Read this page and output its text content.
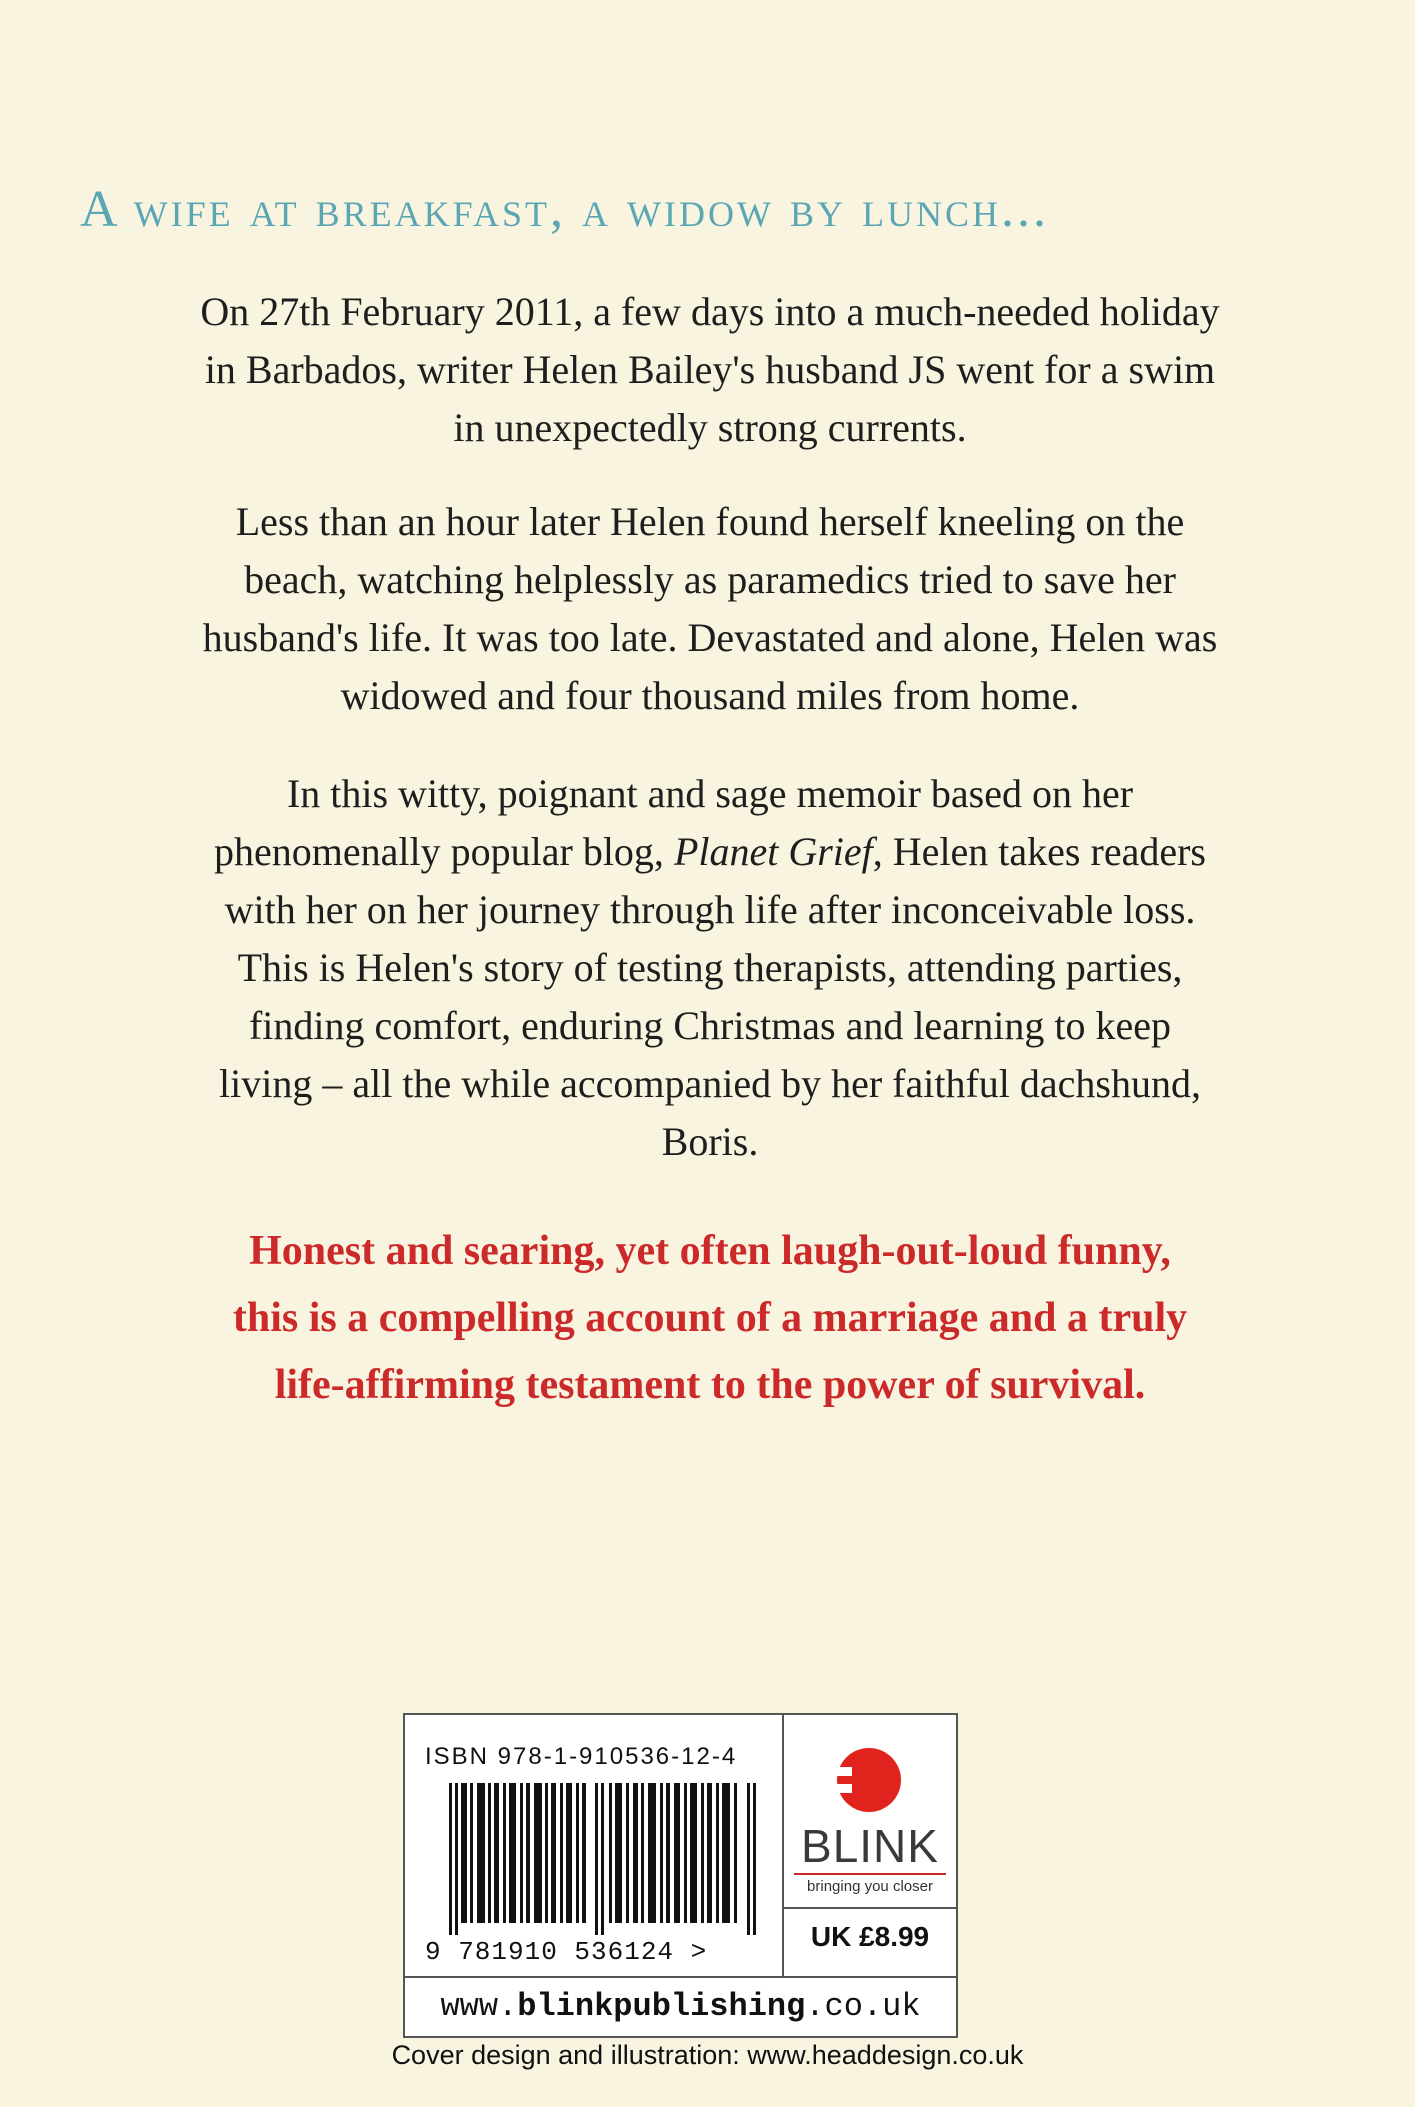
A wife at breakfast, a widow by lunch...

On 27th February 2011, a few days into a much-needed holiday
in Barbados, writer Helen Bailey's husband JS went for a swim
in unexpectedly strong currents.

Less than an hour later Helen found herself kneeling on the
beach, watching helplessly as paramedics tried to save her
husband's life. It was too late. Devastated and alone, Helen was
widowed and four thousand miles from home.

In this witty, poignant and sage memoir based on her
phenomenally popular blog, Planet Grief, Helen takes readers
with her on her journey through life after inconceivable loss.
This is Helen's story of testing therapists, attending parties,
finding comfort, enduring Christmas and learning to keep
living – all the while accompanied by her faithful dachshund,
Boris.

Honest and searing, yet often laugh-out-loud funny,
this is a compelling account of a marriage and a truly
life-affirming testament to the power of survival.

ISBN 978-1-910536-12-4
9 781910 536124 >
BLINK
bringing you closer
UK £8.99
www.blinkpublishing.co.uk
Cover design and illustration: www.headdesign.co.uk
